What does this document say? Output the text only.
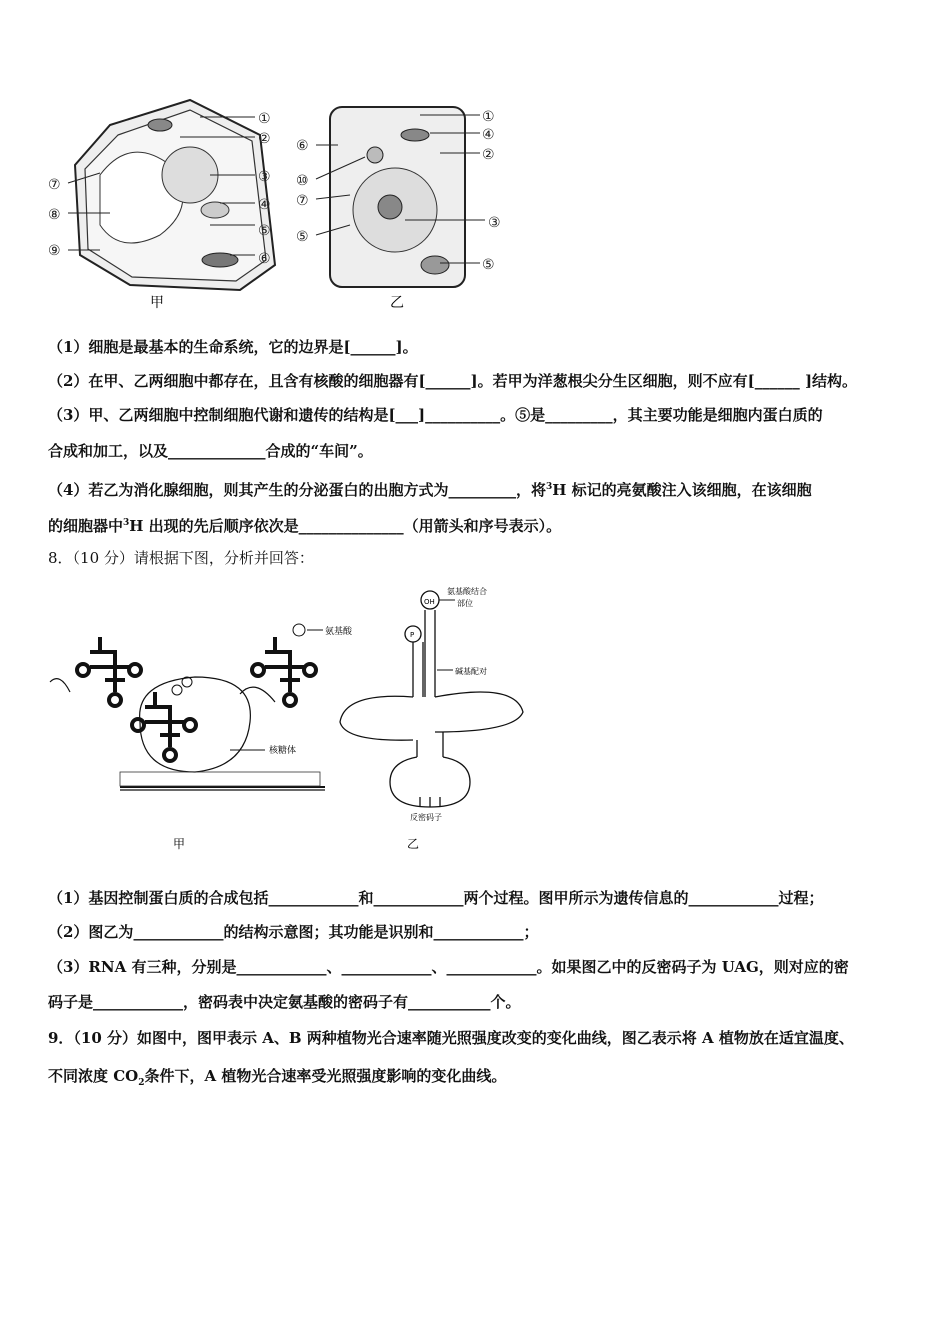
①
②
③
④
⑤
⑥
⑦
⑧
⑨
①
④
②
③
⑤
⑥
⑩
⑦
⑤
甲	乙
（1）细胞是最基本的生命系统，它的边界是[______]。
（2）在甲、乙两细胞中都存在，且含有核酸的细胞器有[______]。若甲为洋葱根尖分生区细胞，则不应有[______ ]结构。
（3）甲、乙两细胞中控制细胞代谢和遗传的结构是[___]__________。⑤是_________，其主要功能是细胞内蛋白质的
合成和加工，以及_____________合成的“车间”。
（4）若乙为消化腺细胞，则其产生的分泌蛋白的出胞方式为_________，将$^3$H 标记的亮氨酸注入该细胞，在该细胞
的细胞器中$^3$H 出现的先后顺序依次是______________（用箭头和序号表示）。
8．（10 分）请根据下图，分析并回答：
氨基酸
核糖体
甲
OH
P
氨基酸结合
部位
碱基配对
反密码子
乙
（1）基因控制蛋白质的合成包括____________和____________两个过程。图甲所示为遗传信息的____________过程；
（2）图乙为____________的结构示意图；其功能是识别和____________；
（3）RNA 有三种，分别是____________、____________、____________。如果图乙中的反密码子为 UAG，则对应的密
码子是____________，密码表中决定氨基酸的密码子有___________个。
9．（10 分）如图中，图甲表示 A、B 两种植物光合速率随光照强度改变的变化曲线，图乙表示将 A 植物放在适宜温度、
不同浓度 $CO_2$条件下，A 植物光合速率受光照强度影响的变化曲线。
